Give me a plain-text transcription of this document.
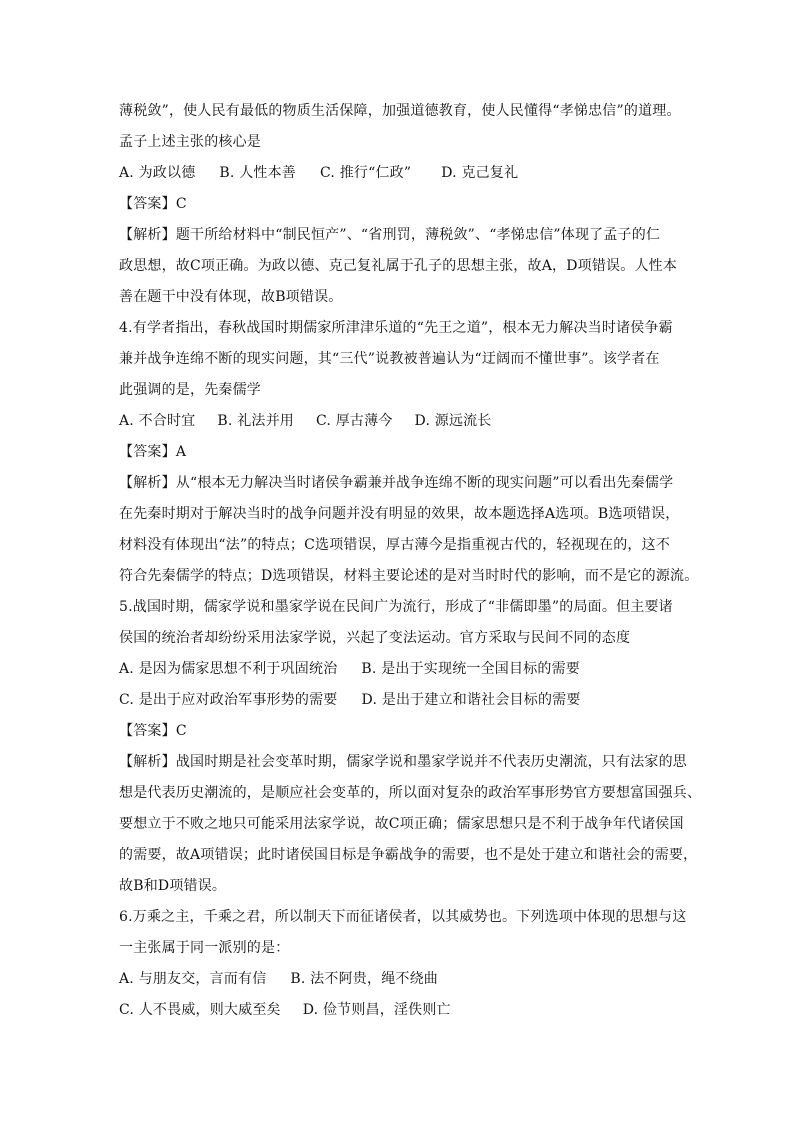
薄税敛”，使人民有最低的物质生活保障，加强道德教育，使人民懂得“孝悌忠信”的道理。
孟子上述主张的核心是
A. 为政以德 B. 人性本善 C. 推行“仁政” D. 克己复礼
【答案】C
【解析】题干所给材料中“制民恒产”、“省刑罚，薄税敛”、“孝悌忠信”体现了孟子的仁
政思想，故C项正确。为政以德、克己复礼属于孔子的思想主张，故A，D项错误。人性本
善在题干中没有体现，故B项错误。
4.有学者指出，春秋战国时期儒家所津津乐道的“先王之道”，根本无力解决当时诸侯争霸
兼并战争连绵不断的现实问题，其“三代”说教被普遍认为“迂阔而不懂世事”。该学者在
此强调的是，先秦儒学
A. 不合时宜 B. 礼法并用 C. 厚古薄今 D. 源远流长
【答案】A
【解析】从“根本无力解决当时诸侯争霸兼并战争连绵不断的现实问题”可以看出先秦儒学
在先秦时期对于解决当时的战争问题并没有明显的效果，故本题选择A选项。B选项错误，
材料没有体现出“法”的特点；C选项错误，厚古薄今是指重视古代的，轻视现在的，这不
符合先秦儒学的特点；D选项错误，材料主要论述的是对当时时代的影响，而不是它的源流。
5.战国时期，儒家学说和墨家学说在民间广为流行，形成了“非儒即墨”的局面。但主要诸
侯国的统治者却纷纷采用法家学说，兴起了变法运动。官方采取与民间不同的态度
A. 是因为儒家思想不利于巩固统治 B. 是出于实现统一全国目标的需要
C. 是出于应对政治军事形势的需要 D. 是出于建立和谐社会目标的需要
【答案】C
【解析】战国时期是社会变革时期，儒家学说和墨家学说并不代表历史潮流，只有法家的思
想是代表历史潮流的，是顺应社会变革的，所以面对复杂的政治军事形势官方要想富国强兵、
要想立于不败之地只可能采用法家学说，故C项正确；儒家思想只是不利于战争年代诸侯国
的需要，故A项错误；此时诸侯国目标是争霸战争的需要，也不是处于建立和谐社会的需要，
故B和D项错误。
6.万乘之主，千乘之君，所以制天下而征诸侯者，以其威势也。下列选项中体现的思想与这
一主张属于同一派别的是：
A. 与朋友交，言而有信 B. 法不阿贵，绳不绕曲
C. 人不畏威，则大威至矣 D. 俭节则昌，淫佚则亡
